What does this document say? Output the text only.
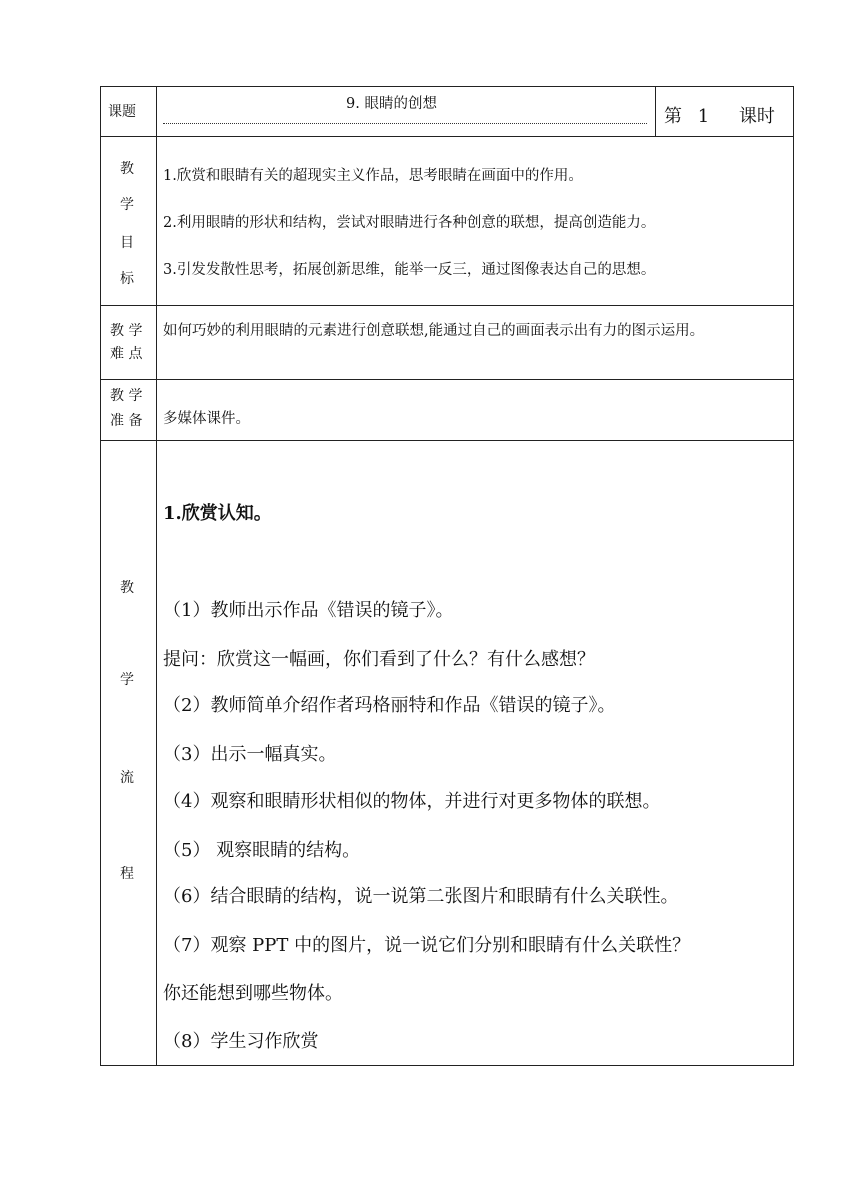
课题	9. 眼睛的创想
第 1 课时
教
学
目
标
1.欣赏和眼睛有关的超现实主义作品，思考眼睛在画面中的作用。
2.利用眼睛的形状和结构，尝试对眼睛进行各种创意的联想，提高创造能力。
3.引发发散性思考，拓展创新思维，能举一反三，通过图像表达自己的思想。
教 学
难 点
如何巧妙的利用眼睛的元素进行创意联想,能通过自己的画面表示出有力的图示运用。
教 学
准 备 多媒体课件。
教
学
流
程
1.欣赏认知。
（1）教师出示作品《错误的镜子》。
提问：欣赏这一幅画，你们看到了什么？有什么感想？
（2）教师简单介绍作者玛格丽特和作品《错误的镜子》。
（3）出示一幅真实。
（4）观察和眼睛形状相似的物体，并进行对更多物体的联想。
（5） 观察眼睛的结构。
（6）结合眼睛的结构，说一说第二张图片和眼睛有什么关联性。
（7）观察 PPT 中的图片，说一说它们分别和眼睛有什么关联性？
你还能想到哪些物体。
（8）学生习作欣赏
